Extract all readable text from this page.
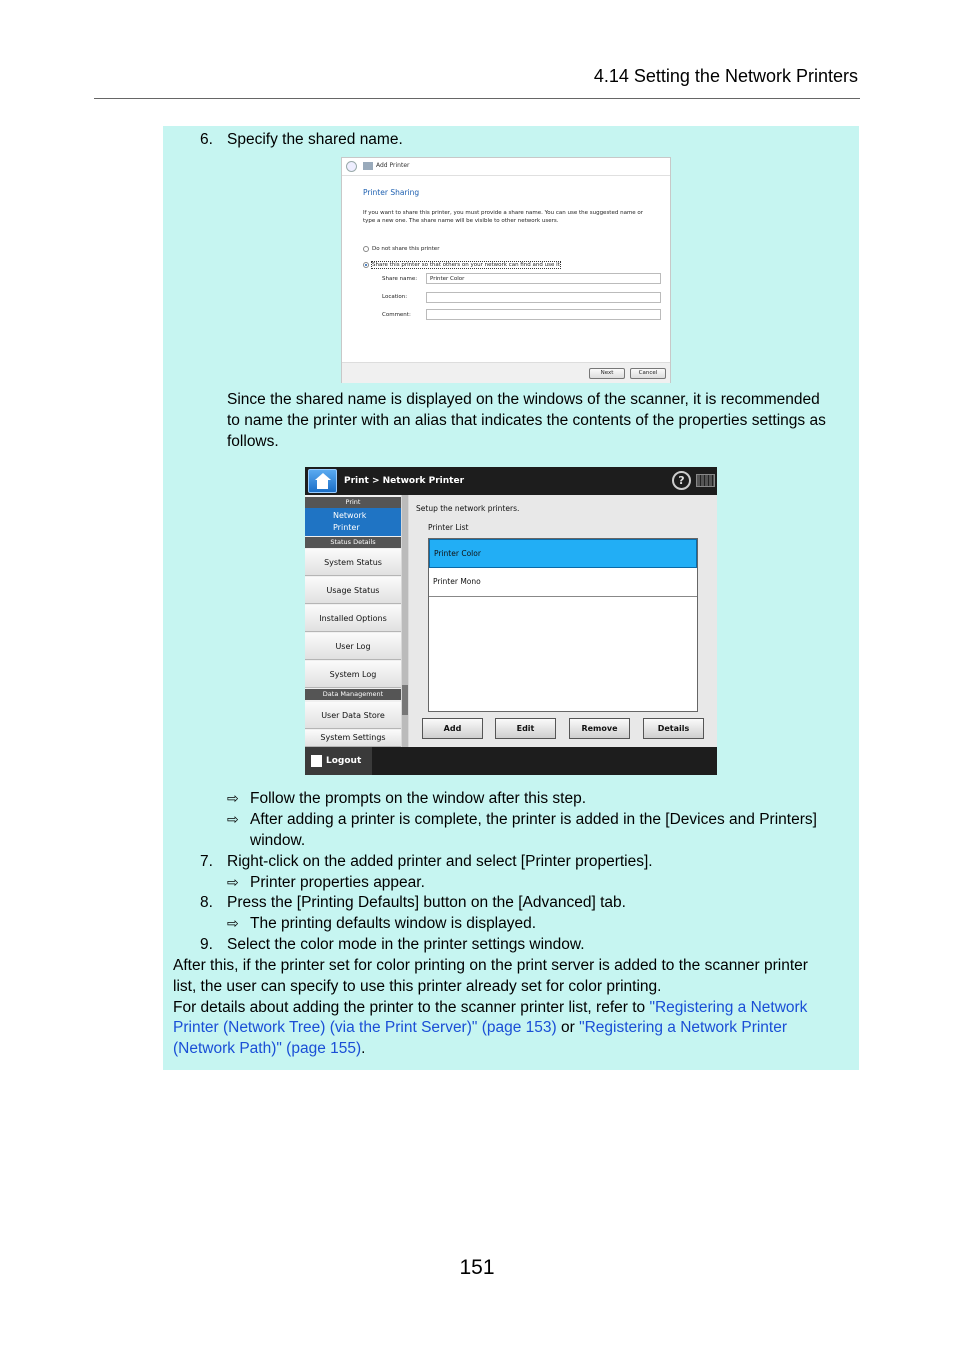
4.14 Setting the Network Printers
6. Specify the shared name.
Add Printer
Printer Sharing
If you want to share this printer, you must provide a share name. You can use the suggested name or
type a new one. The share name will be visible to other network users.
Do not share this printer
Share this printer so that others on your network can find and use it
Share name:	Printer Color
Location:
Comment:
Next	Cancel
Since the shared name is displayed on the windows of the scanner, it is recommended
to name the printer with an alias that indicates the contents of the properties settings as
follows.
Print > Network Printer	?
Print
Network
Printer
Status Details
System Status
Usage Status
Installed Options
User Log
System Log
Data Management
User Data Store
System Settings
Setup the network printers.
Printer List
Printer Color
Printer Mono
Add	Edit	Remove	Details
Logout
⇨ Follow the prompts on the window after this step.
⇨ After adding a printer is complete, the printer is added in the [Devices and Printers]
window.
7. Right-click on the added printer and select [Printer properties].
⇨ Printer properties appear.
8. Press the [Printing Defaults] button on the [Advanced] tab.
⇨ The printing defaults window is displayed.
9. Select the color mode in the printer settings window.
After this, if the printer set for color printing on the print server is added to the scanner printer
list, the user can specify to use this printer already set for color printing.
For details about adding the printer to the scanner printer list, refer to "Registering a Network
Printer (Network Tree) (via the Print Server)" (page 153) or "Registering a Network Printer
(Network Path)" (page 155).
151
